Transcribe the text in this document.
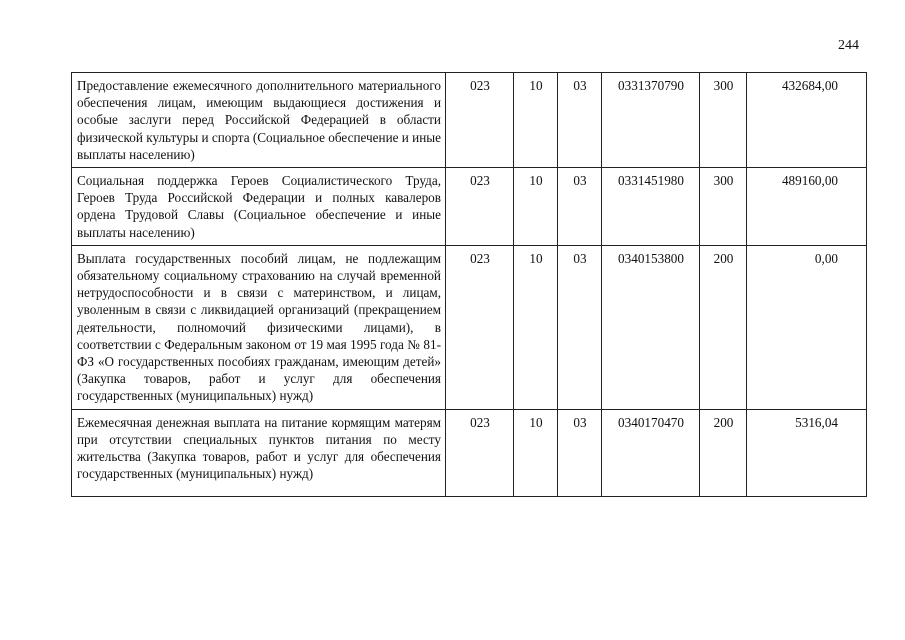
244
Предоставление ежемесячного дополнительного материального обеспечения лицам, имеющим выдающиеся достижения и особые заслуги перед Российской Федерацией в области физической культуры и спорта (Социальное обеспечение и иные выплаты населению)	023	10	03	0331370790	300	432684,00
Социальная поддержка Героев Социалистического Труда, Героев Труда Российской Федерации и полных кавалеров ордена Трудовой Славы (Социальное обеспечение и иные выплаты населению)	023	10	03	0331451980	300	489160,00
Выплата государственных пособий лицам, не подлежащим обязательному социальному страхованию на случай временной нетрудоспособности и в связи с материнством, и лицам, уволенным в связи с ликвидацией организаций (прекращением деятельности, полномочий физическими лицами), в соответствии с Федеральным законом от 19 мая 1995 года № 81-ФЗ «О государственных пособиях гражданам, имеющим детей» (Закупка товаров, работ и услуг для обеспечения государственных (муниципальных) нужд)	023	10	03	0340153800	200	0,00
Ежемесячная денежная выплата на питание кормящим матерям при отсутствии специальных пунктов питания по месту жительства (Закупка товаров, работ и услуг для обеспечения государственных (муниципальных) нужд)	023	10	03	0340170470	200	5316,04
